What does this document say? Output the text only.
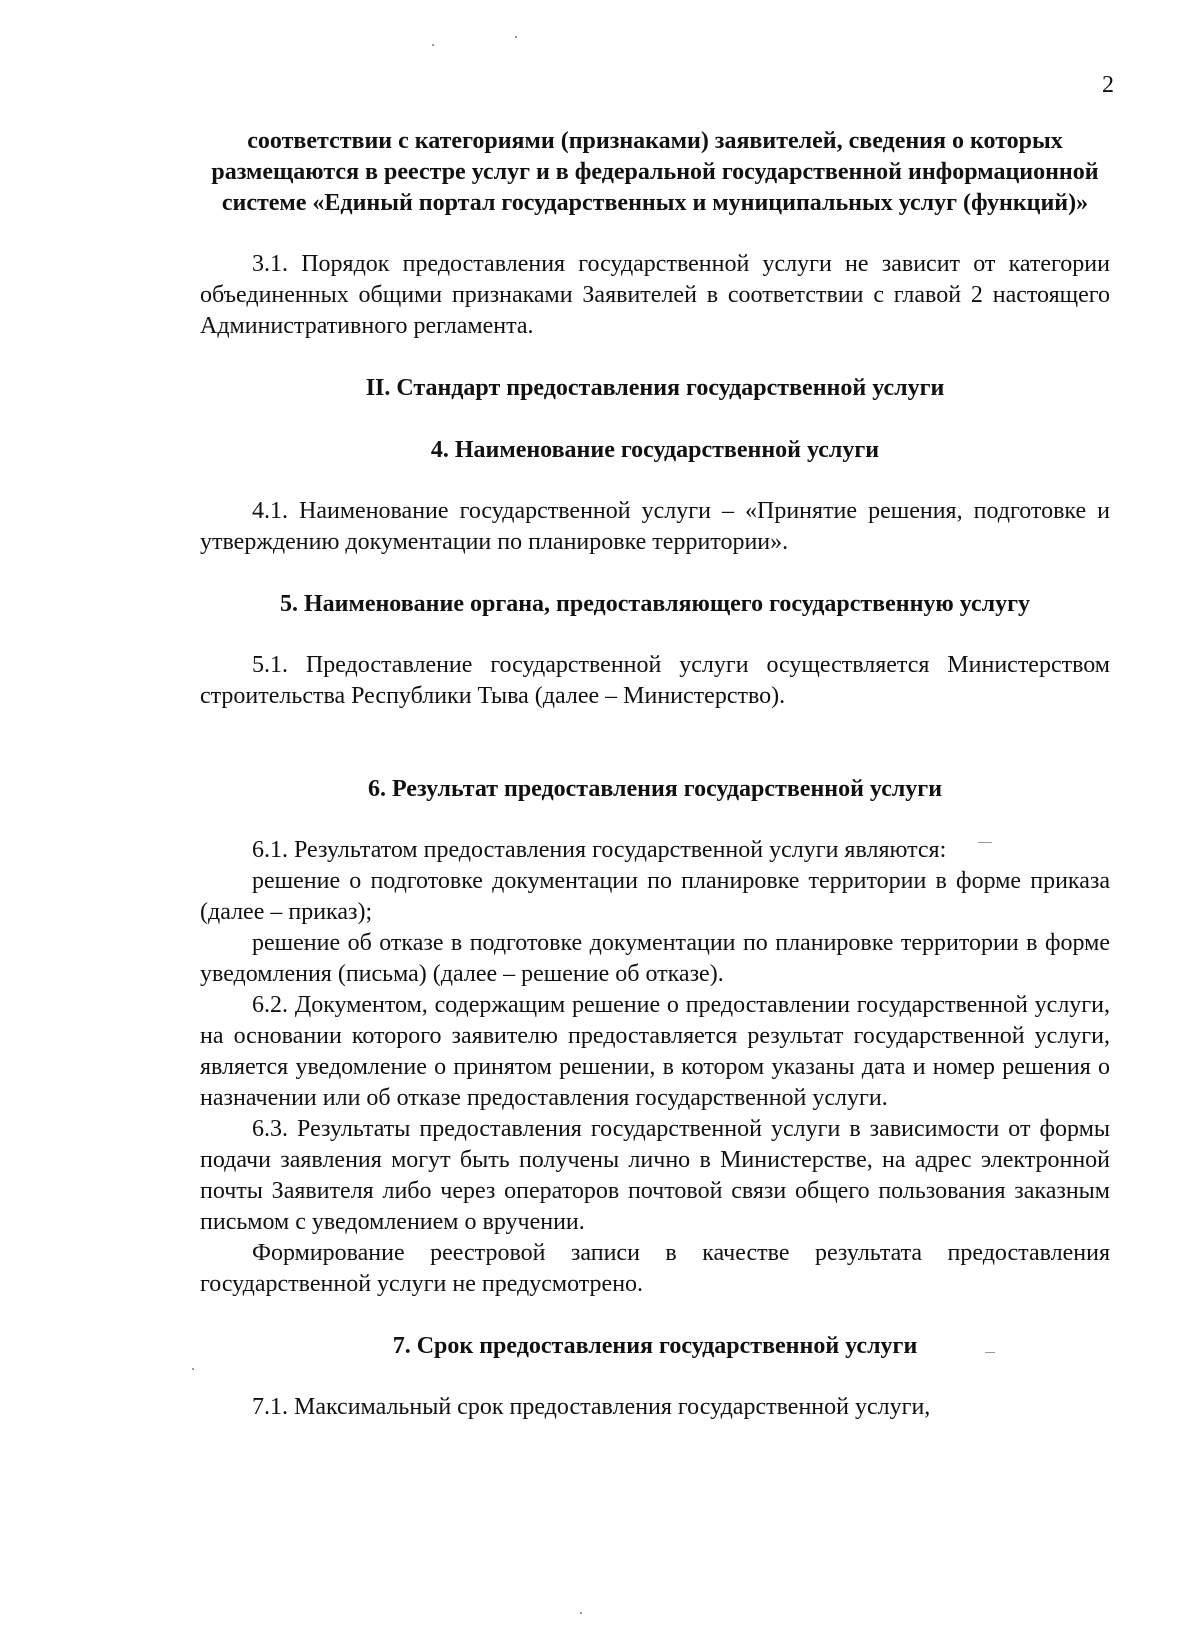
2
соответствии с категориями (признаками) заявителей, сведения о которых размещаются в реестре услуг и в федеральной государственной информационной системе «Единый портал государственных и муниципальных услуг (функций)»

3.1. Порядок предоставления государственной услуги не зависит от категории объединенных общими признаками Заявителей в соответствии с главой 2 настоящего Административного регламента.

II. Стандарт предоставления государственной услуги
4. Наименование государственной услуги

4.1. Наименование государственной услуги – «Принятие решения, подготовке и утверждению документации по планировке территории».

5. Наименование органа, предоставляющего государственную услугу

5.1. Предоставление государственной услуги осуществляется Министерством строительства Республики Тыва (далее – Министерство).

6. Результат предоставления государственной услуги

6.1. Результатом предоставления государственной услуги являются:

решение о подготовке документации по планировке территории в форме приказа (далее – приказ);

решение об отказе в подготовке документации по планировке территории в форме уведомления (письма) (далее – решение об отказе).

6.2. Документом, содержащим решение о предоставлении государственной услуги, на основании которого заявителю предоставляется результат государственной услуги, является уведомление о принятом решении, в котором указаны дата и номер решения о назначении или об отказе предоставления государственной услуги.

6.3. Результаты предоставления государственной услуги в зависимости от формы подачи заявления могут быть получены лично в Министерстве, на адрес электронной почты Заявителя либо через операторов почтовой связи общего пользования заказным письмом с уведомлением о вручении.

Формирование реестровой записи в качестве результата предоставления государственной услуги не предусмотрено.

7. Срок предоставления государственной услуги

7.1. Максимальный срок предоставления государственной услуги,
